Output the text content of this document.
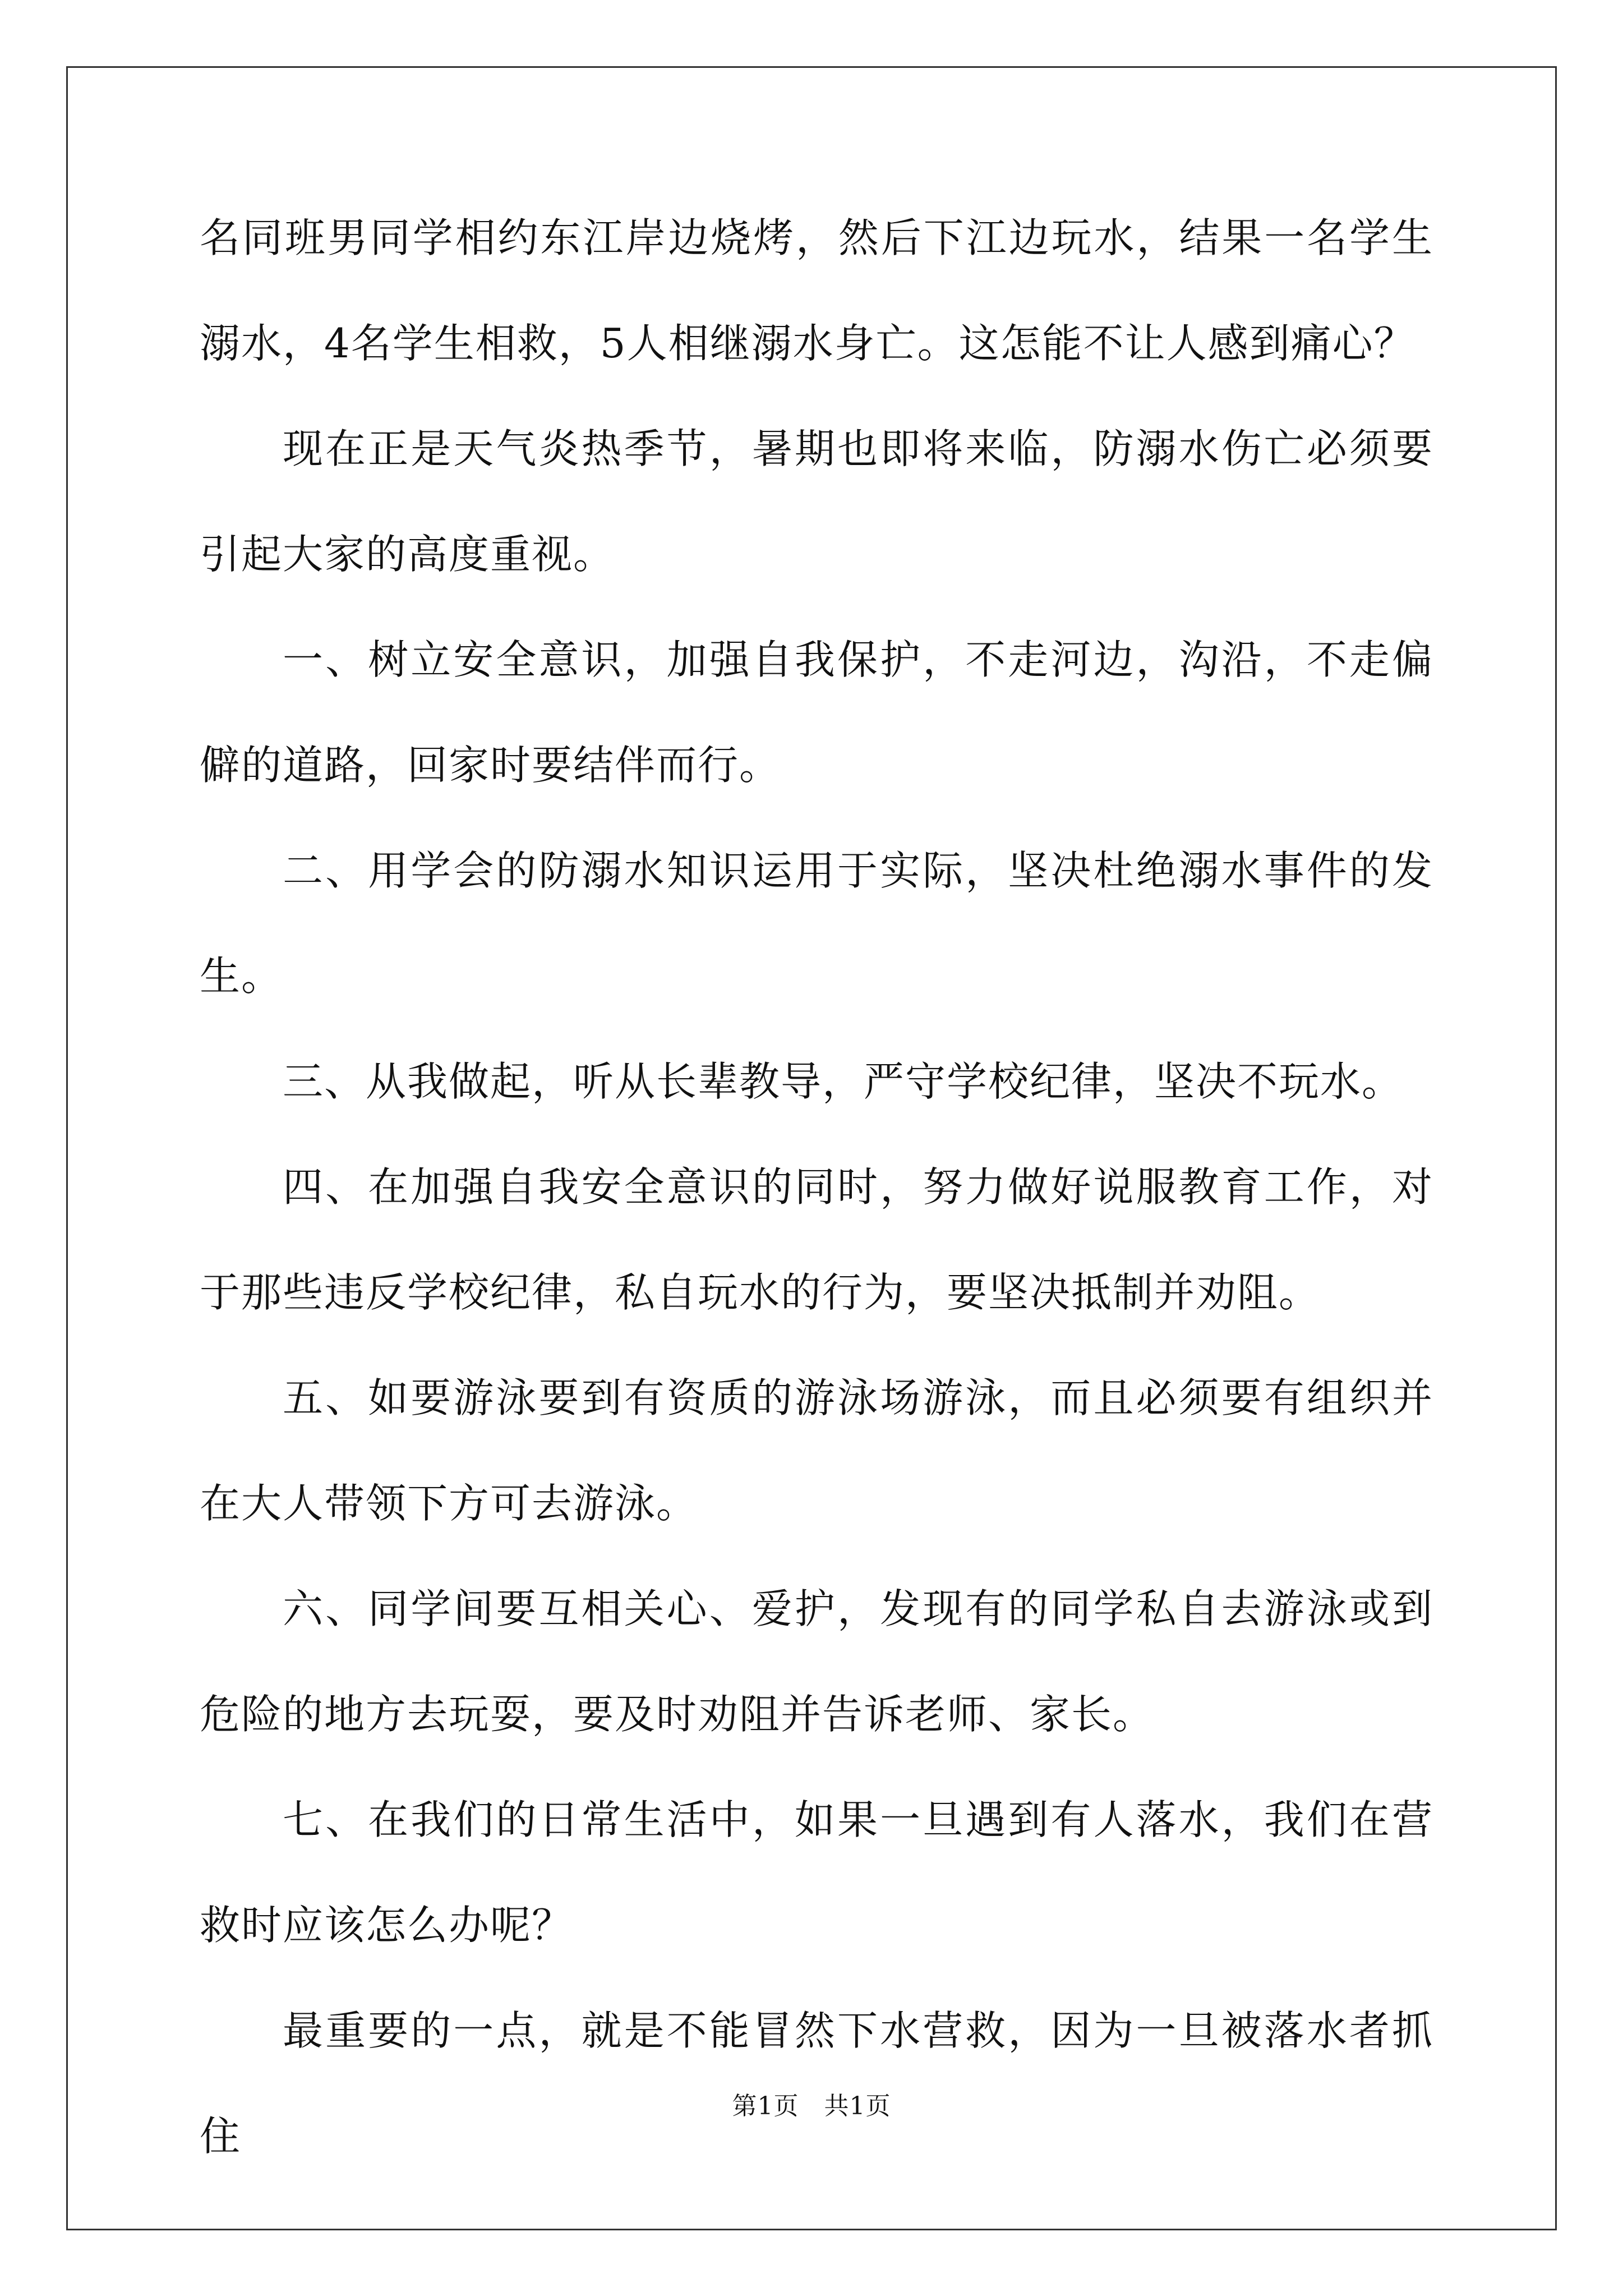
名同班男同学相约东江岸边烧烤，然后下江边玩水，结果一名学生溺水，4名学生相救，5人相继溺水身亡。这怎能不让人感到痛心？

现在正是天气炎热季节，暑期也即将来临，防溺水伤亡必须要引起大家的高度重视。

一、树立安全意识，加强自我保护，不走河边，沟沿，不走偏僻的道路，回家时要结伴而行。

二、用学会的防溺水知识运用于实际，坚决杜绝溺水事件的发生。

三、从我做起，听从长辈教导，严守学校纪律，坚决不玩水。

四、在加强自我安全意识的同时，努力做好说服教育工作，对于那些违反学校纪律，私自玩水的行为，要坚决抵制并劝阻。

五、如要游泳要到有资质的游泳场游泳，而且必须要有组织并在大人带领下方可去游泳。

六、同学间要互相关心、爱护，发现有的同学私自去游泳或到危险的地方去玩耍，要及时劝阻并告诉老师、家长。

七、在我们的日常生活中，如果一旦遇到有人落水，我们在营救时应该怎么办呢？

最重要的一点，就是不能冒然下水营救，因为一旦被落水者抓住

第1页　共1页
